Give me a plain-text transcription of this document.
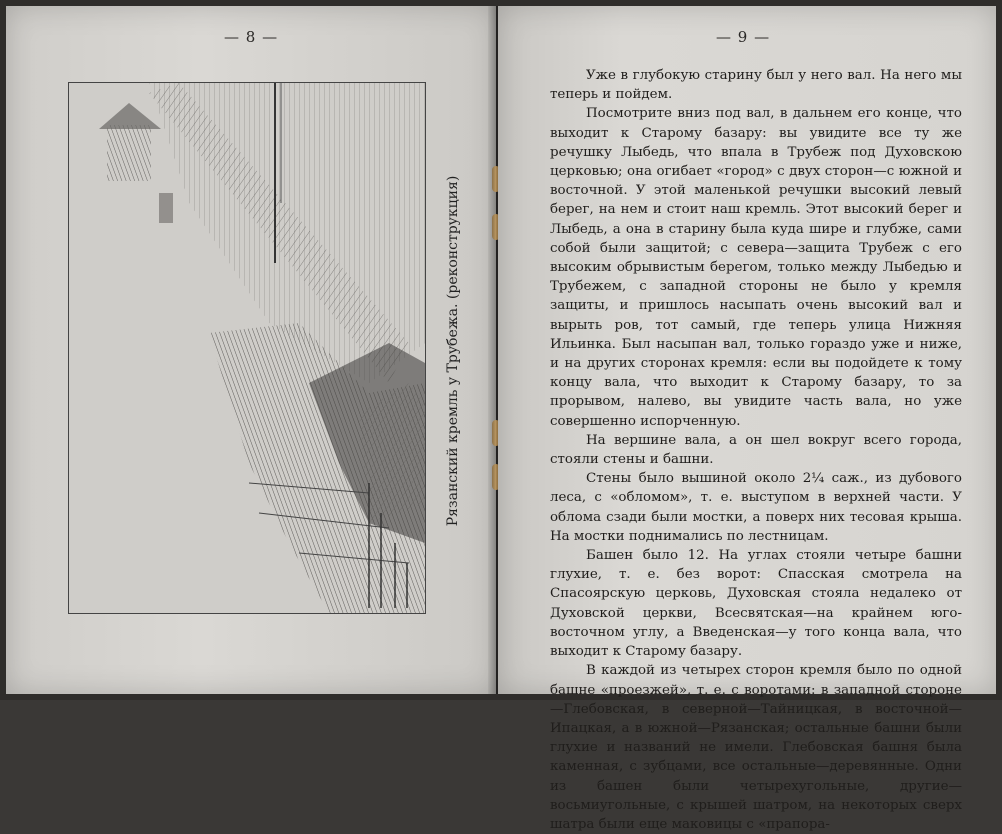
— 8 —
Рязанский кремль у Трубежа. (реконструкция)
— 9 —

Уже в глубокую старину был у него вал. На него мы теперь и пойдем.

Посмотрите вниз под вал, в дальнем его конце, что выходит к Старому базару: вы увидите все ту же речушку Лыбедь, что впала в Трубеж под Духовскою церковью; она огибает «город» с двух сторон—с южной и восточной. У этой маленькой речушки высокий левый берег, на нем и стоит наш кремль. Этот высокий берег и Лыбедь, а она в старину была куда шире и глубже, сами собой были защитой; с севера—защита Трубеж с его высоким обрывистым берегом, только между Лыбедью и Трубежем, с западной стороны не было у кремля защиты, и пришлось насыпать очень высокий вал и вырыть ров, тот самый, где теперь улица Нижняя Ильинка. Был насыпан вал, только гораздо уже и ниже, и на других сторонах кремля: если вы подойдете к тому концу вала, что выходит к Старому базару, то за прорывом, налево, вы увидите часть вала, но уже совершенно испорченную.

На вершине вала, а он шел вокруг всего города, стояли стены и башни.

Стены было вышиной около 2¼ саж., из дубового леса, с «обломом», т. е. выступом в верхней части. У облома сзади были мостки, а поверх них тесовая крыша. На мостки поднимались по лестницам.

Башен было 12. На углах стояли четыре башни глухие, т. е. без ворот: Спасская смотрела на Спасоярскую церковь, Духовская стояла недалеко от Духовской церкви, Всесвятская—на крайнем юго-восточном углу, а Введенская—у того конца вала, что выходит к Старому базару.

В каждой из четырех сторон кремля было по одной башне «проезжей», т. е. с воротами: в западной стороне—Глебовская, в северной—Тайницкая, в восточной—Ипацкая, а в южной—Рязанская; остальные башни были глухие и названий не имели. Глебовская башня была каменная, с зубцами, все остальные—деревянные. Одни из башен были четырехугольные, другие—восьмиугольные, с крышей шатром, на некоторых сверх шатра были еще маковицы с «прапора-
